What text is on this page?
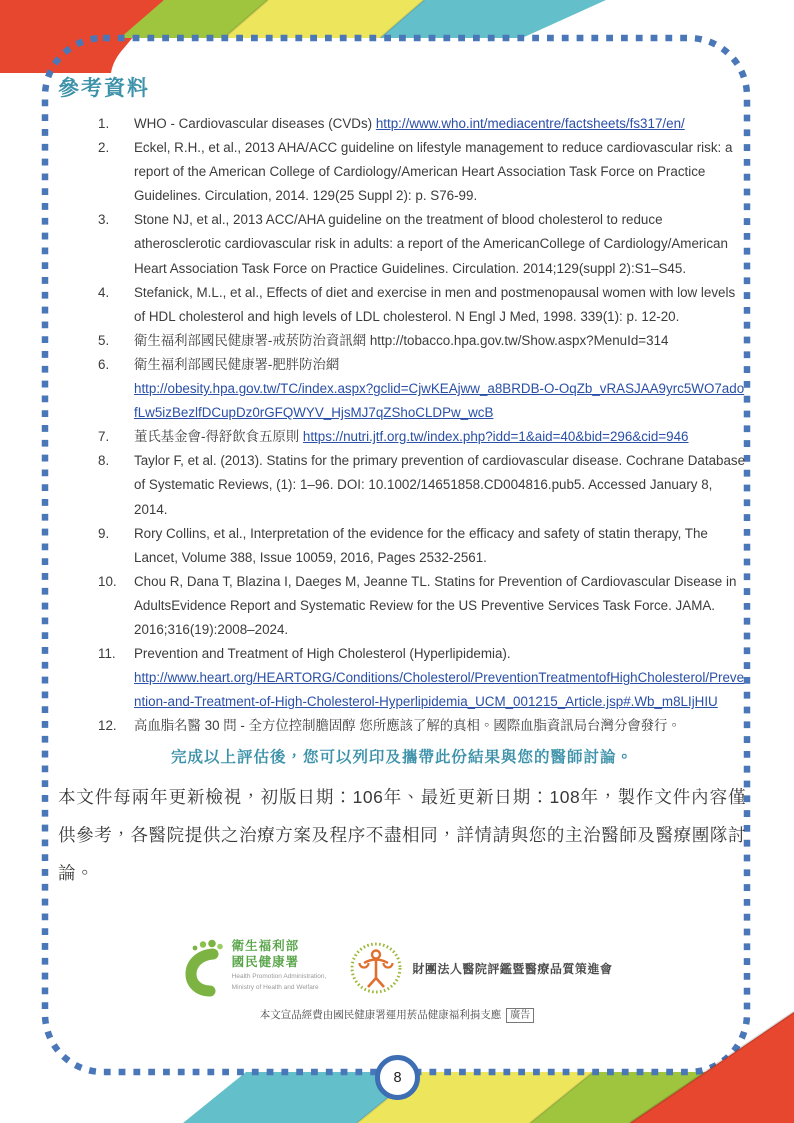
參考資料
1.	WHO - Cardiovascular diseases (CVDs) http://www.who.int/mediacentre/factsheets/fs317/en/
2.	Eckel, R.H., et al., 2013 AHA/ACC guideline on lifestyle management to reduce cardiovascular risk: a report of the American College of Cardiology/American Heart Association Task Force on Practice Guidelines. Circulation, 2014. 129(25 Suppl 2): p. S76-99.
3.	Stone NJ, et al., 2013 ACC/AHA guideline on the treatment of blood cholesterol to reduce atherosclerotic cardiovascular risk in adults: a report of the AmericanCollege of Cardiology/American Heart Association Task Force on Practice Guidelines. Circulation. 2014;129(suppl 2):S1–S45.
4.	Stefanick, M.L., et al., Effects of diet and exercise in men and postmenopausal women with low levels of HDL cholesterol and high levels of LDL cholesterol. N Engl J Med, 1998. 339(1): p. 12-20.
5.	衛生福利部國民健康署-戒菸防治資訊網 http://tobacco.hpa.gov.tw/Show.aspx?MenuId=314
6.	衛生福利部國民健康署-肥胖防治網
http://obesity.hpa.gov.tw/TC/index.aspx?gclid=CjwKEAjww_a8BRDB-O-OqZb_vRASJAA9yrc5WO7adofLw5izBezlfDCupDz0rGFQWYV_HjsMJ7qZShoCLDPw_wcB
7.	董氏基金會-得舒飲食五原則 https://nutri.jtf.org.tw/index.php?idd=1&aid=40&bid=296&cid=946
8.	Taylor F, et al. (2013). Statins for the primary prevention of cardiovascular disease. Cochrane Database of Systematic Reviews, (1): 1–96. DOI: 10.1002/14651858.CD004816.pub5. Accessed January 8, 2014.
9.	Rory Collins, et al., Interpretation of the evidence for the efficacy and safety of statin therapy, The Lancet, Volume 388, Issue 10059, 2016, Pages 2532-2561.
10.	Chou R, Dana T, Blazina I, Daeges M, Jeanne TL. Statins for Prevention of Cardiovascular Disease in AdultsEvidence Report and Systematic Review for the US Preventive Services Task Force. JAMA. 2016;316(19):2008–2024.
11.	Prevention and Treatment of High Cholesterol (Hyperlipidemia).
http://www.heart.org/HEARTORG/Conditions/Cholesterol/PreventionTreatmentofHighCholesterol/Prevention-and-Treatment-of-High-Cholesterol-Hyperlipidemia_UCM_001215_Article.jsp#.Wb_m8LIjHIU
12.	高血脂名醫 30 問 - 全方位控制膽固醇 您所應該了解的真相。國際血脂資訊局台灣分會發行。
完成以上評估後，您可以列印及攜帶此份結果與您的醫師討論。
本文件每兩年更新檢視，初版日期：106年、最近更新日期：108年，製作文件內容僅供參考，各醫院提供之治療方案及程序不盡相同，詳情請與您的主治醫師及醫療團隊討論。
衛生福利部
國民健康署
Health Promotion Administration,
Ministry of Health and Welfare
財團法人醫院評鑑暨醫療品質策進會
本文宣品經費由國民健康署運用菸品健康福利捐支應 廣告
8
